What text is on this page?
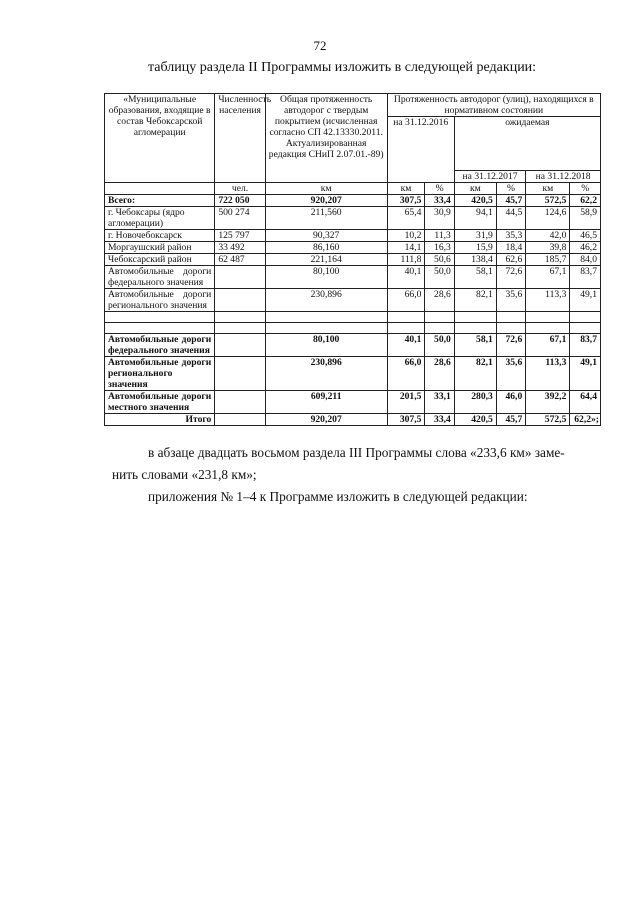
72
таблицу раздела II Программы изложить в следующей редакции:
«Муниципальные образования, входящие в состав Чебоксарской агломерации	Численность населения	Общая протяженность автодорог с твердым покрытием (исчисленная согласно СП 42.13330.2011. Актуализированная редакция СНиП 2.07.01.-89)	Протяженность автодорог (улиц), находящихся в нормативном состоянии					
			на 31.12.2016		ожидаемая			
					на 31.12.2017		на 31.12.2018	
	чел.	км	км	%	км	%	км	%
Всего:	722 050	920,207	307,5	33,4	420,5	45,7	572,5	62,2
г. Чебоксары (ядро агломерации)	500 274	211,560	65,4	30,9	94,1	44,5	124,6	58,9
г. Новочебоксарск	125 797	90,327	10,2	11,3	31,9	35,3	42,0	46,5
Моргаушский район	33 492	86,160	14,1	16,3	15,9	18,4	39,8	46,2
Чебоксарский район	62 487	221,164	111,8	50,6	138,4	62,6	185,7	84,0
Автомобильные дороги федерального значения		80,100	40,1	50,0	58,1	72,6	67,1	83,7
Автомобильные дороги регионального значения		230,896	66,0	28,6	82,1	35,6	113,3	49,1

Автомобильные дороги федерального значения		80,100	40,1	50,0	58,1	72,6	67,1	83,7
Автомобильные дороги регионального значения		230,896	66,0	28,6	82,1	35,6	113,3	49,1
Автомобильные дороги местного значения		609,211	201,5	33,1	280,3	46,0	392,2	64,4
Итого		920,207	307,5	33,4	420,5	45,7	572,5	62,2»;
в абзаце двадцать восьмом раздела III Программы слова «233,6 км» заме-
нить словами «231,8 км»;
приложения № 1–4 к Программе изложить в следующей редакции:
